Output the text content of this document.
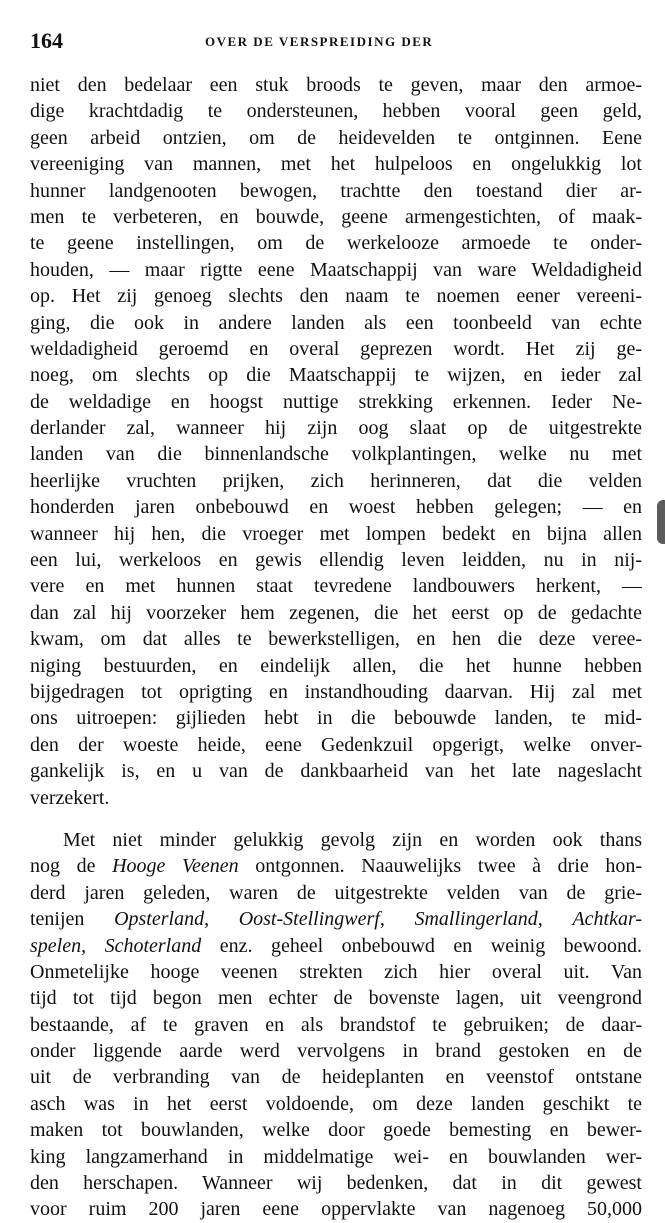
164	OVER DE VERSPREIDING DER
niet den bedelaar een stuk broods te geven, maar den armoe-
dige krachtdadig te ondersteunen, hebben vooral geen geld,
geen arbeid ontzien, om de heidevelden te ontginnen. Eene
vereeniging van mannen, met het hulpeloos en ongelukkig lot
hunner landgenooten bewogen, trachtte den toestand dier ar-
men te verbeteren, en bouwde, geene armengestichten, of maak-
te geene instellingen, om de werkelooze armoede te onder-
houden, — maar rigtte eene Maatschappij van ware Weldadigheid
op. Het zij genoeg slechts den naam te noemen eener vereeni-
ging, die ook in andere landen als een toonbeeld van echte
weldadigheid geroemd en overal geprezen wordt. Het zij ge-
noeg, om slechts op die Maatschappij te wijzen, en ieder zal
de weldadige en hoogst nuttige strekking erkennen. Ieder Ne-
derlander zal, wanneer hij zijn oog slaat op de uitgestrekte
landen van die binnenlandsche volkplantingen, welke nu met
heerlijke vruchten prijken, zich herinneren, dat die velden
honderden jaren onbebouwd en woest hebben gelegen; — en
wanneer hij hen, die vroeger met lompen bedekt en bijna allen
een lui, werkeloos en gewis ellendig leven leidden, nu in nij-
vere en met hunnen staat tevredene landbouwers herkent, —
dan zal hij voorzeker hem zegenen, die het eerst op de gedachte
kwam, om dat alles te bewerkstelligen, en hen die deze veree-
niging bestuurden, en eindelijk allen, die het hunne hebben
bijgedragen tot oprigting en instandhouding daarvan. Hij zal met
ons uitroepen: gijlieden hebt in die bebouwde landen, te mid-
den der woeste heide, eene Gedenkzuil opgerigt, welke onver-
gankelijk is, en u van de dankbaarheid van het late nageslacht
verzekert.
Met niet minder gelukkig gevolg zijn en worden ook thans
nog de Hooge Veenen ontgonnen. Naauwelijks twee à drie hon-
derd jaren geleden, waren de uitgestrekte velden van de grie-
tenijen Opsterland, Oost-Stellingwerf, Smallingerland, Achtkar-
spelen, Schoterland enz. geheel onbebouwd en weinig bewoond.
Onmetelijke hooge veenen strekten zich hier overal uit. Van
tijd tot tijd begon men echter de bovenste lagen, uit veengrond
bestaande, af te graven en als brandstof te gebruiken; de daar-
onder liggende aarde werd vervolgens in brand gestoken en de
uit de verbranding van de heideplanten en veenstof ontstane
asch was in het eerst voldoende, om deze landen geschikt te
maken tot bouwlanden, welke door goede bemesting en bewer-
king langzamerhand in middelmatige wei- en bouwlanden wer-
den herschapen. Wanneer wij bedenken, dat in dit gewest
voor ruim 200 jaren eene oppervlakte van nagenoeg 50,000
